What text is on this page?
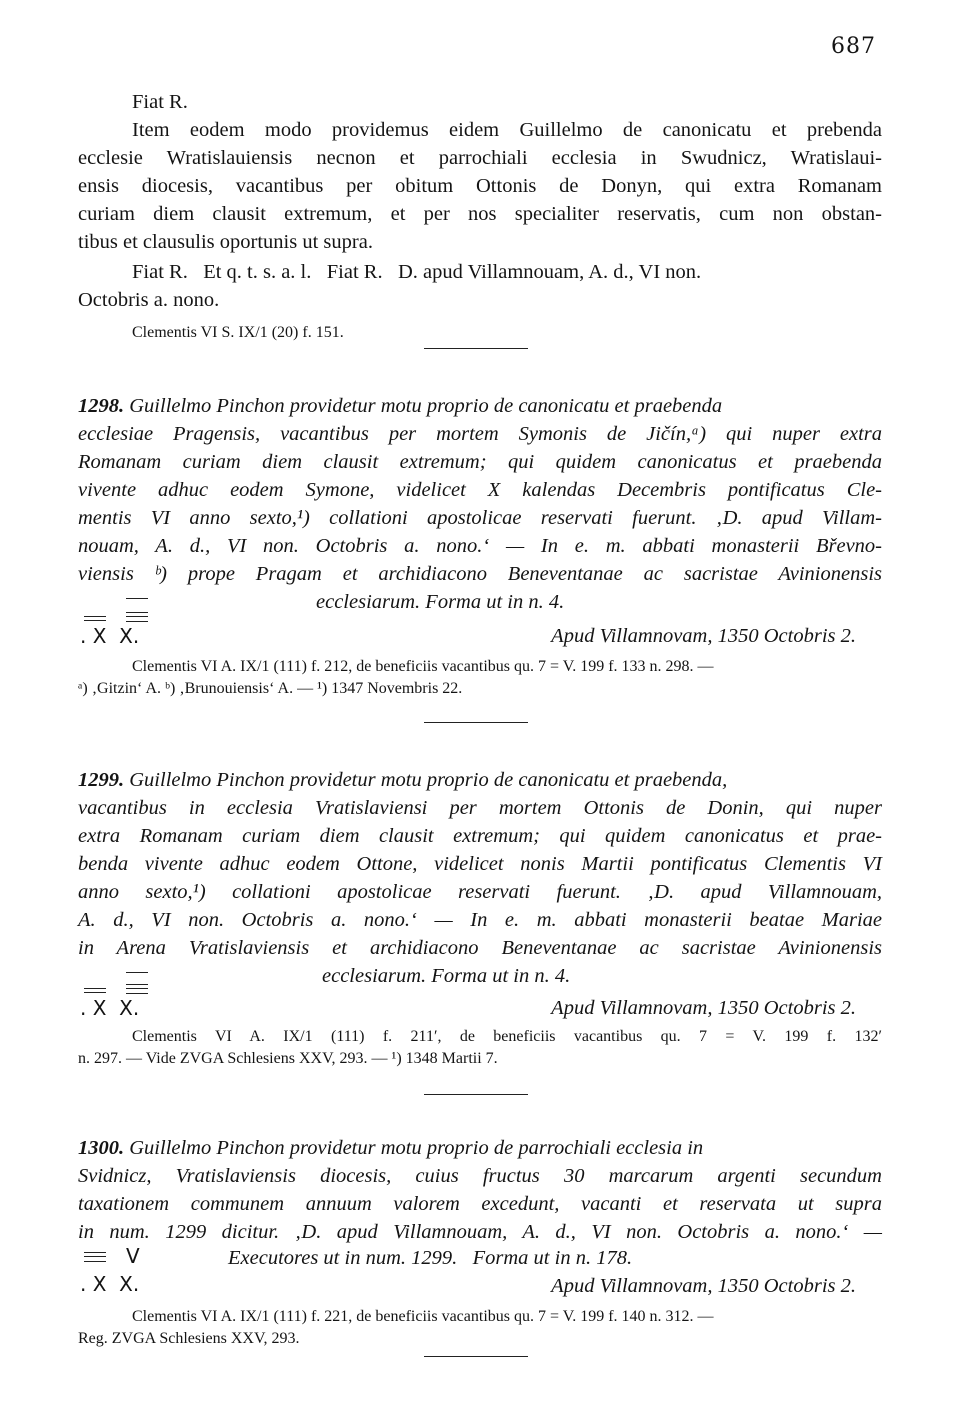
687
Fiat R.
Item eodem modo providemus eidem Guillelmo de canonicatu et prebenda
ecclesie Wratislauiensis necnon et parrochiali ecclesia in Swudnicz, Wratislaui-
ensis diocesis, vacantibus per obitum Ottonis de Donyn, qui extra Romanam
curiam diem clausit extremum, et per nos specialiter reservatis, cum non obstan-
tibus et clausulis oportunis ut supra.
Fiat R.   Et q. t. s. a. l.   Fiat R.   D. apud Villamnouam, A. d., VI non.
Octobris a. nono.
Clementis VI S. IX/1 (20) f. 151.
1298. Guillelmo Pinchon providetur motu proprio de canonicatu et praebenda
ecclesiae Pragensis, vacantibus per mortem Symonis de Jičín,ᵃ) qui nuper extra
Romanam curiam diem clausit extremum; qui quidem canonicatus et praebenda
vivente adhuc eodem Symone, videlicet X kalendas Decembris pontificatus Cle-
mentis VI anno sexto,¹) collationi apostolicae reservati fuerunt. ‚D. apud Villam-
nouam, A. d., VI non. Octobris a. nono.‘ — In e. m. abbati monasterii Břevno-
viensis ᵇ) prope Pragam et archidiacono Beneventanae ac sacristae Avinionensis
ecclesiarum. Forma ut in n. 4.
. X  X.	Apud Villamnovam, 1350 Octobris 2.
Clementis VI A. IX/1 (111) f. 212, de beneficiis vacantibus qu. 7 = V. 199 f. 133 n. 298. —
ᵃ) ‚Gitzin‘ A. ᵇ) ‚Brunouiensis‘ A. — ¹) 1347 Novembris 22.
1299. Guillelmo Pinchon providetur motu proprio de canonicatu et praebenda,
vacantibus in ecclesia Vratislaviensi per mortem Ottonis de Donin, qui nuper
extra Romanam curiam diem clausit extremum; qui quidem canonicatus et prae-
benda vivente adhuc eodem Ottone, videlicet nonis Martii pontificatus Clementis VI
anno sexto,¹) collationi apostolicae reservati fuerunt. ‚D. apud Villamnouam,
A. d., VI non. Octobris a. nono.‘ — In e. m. abbati monasterii beatae Mariae
in Arena Vratislaviensis et archidiacono Beneventanae ac sacristae Avinionensis
ecclesiarum. Forma ut in n. 4.
. X  X.	Apud Villamnovam, 1350 Octobris 2.
Clementis VI A. IX/1 (111) f. 211′, de beneficiis vacantibus qu. 7 = V. 199 f. 132′
n. 297. — Vide ZVGA Schlesiens XXV, 293. — ¹) 1348 Martii 7.
1300. Guillelmo Pinchon providetur motu proprio de parrochiali ecclesia in
Svidnicz, Vratislaviensis diocesis, cuius fructus 30 marcarum argenti secundum
taxationem communem annuum valorem excedunt, vacanti et reservata ut supra
in num. 1299 dicitur. ‚D. apud Villamnouam, A. d., VI non. Octobris a. nono.‘ —
V	Executores ut in num. 1299.   Forma ut in n. 178.
. X  X.	Apud Villamnovam, 1350 Octobris 2.
Clementis VI A. IX/1 (111) f. 221, de beneficiis vacantibus qu. 7 = V. 199 f. 140 n. 312. —
Reg. ZVGA Schlesiens XXV, 293.
